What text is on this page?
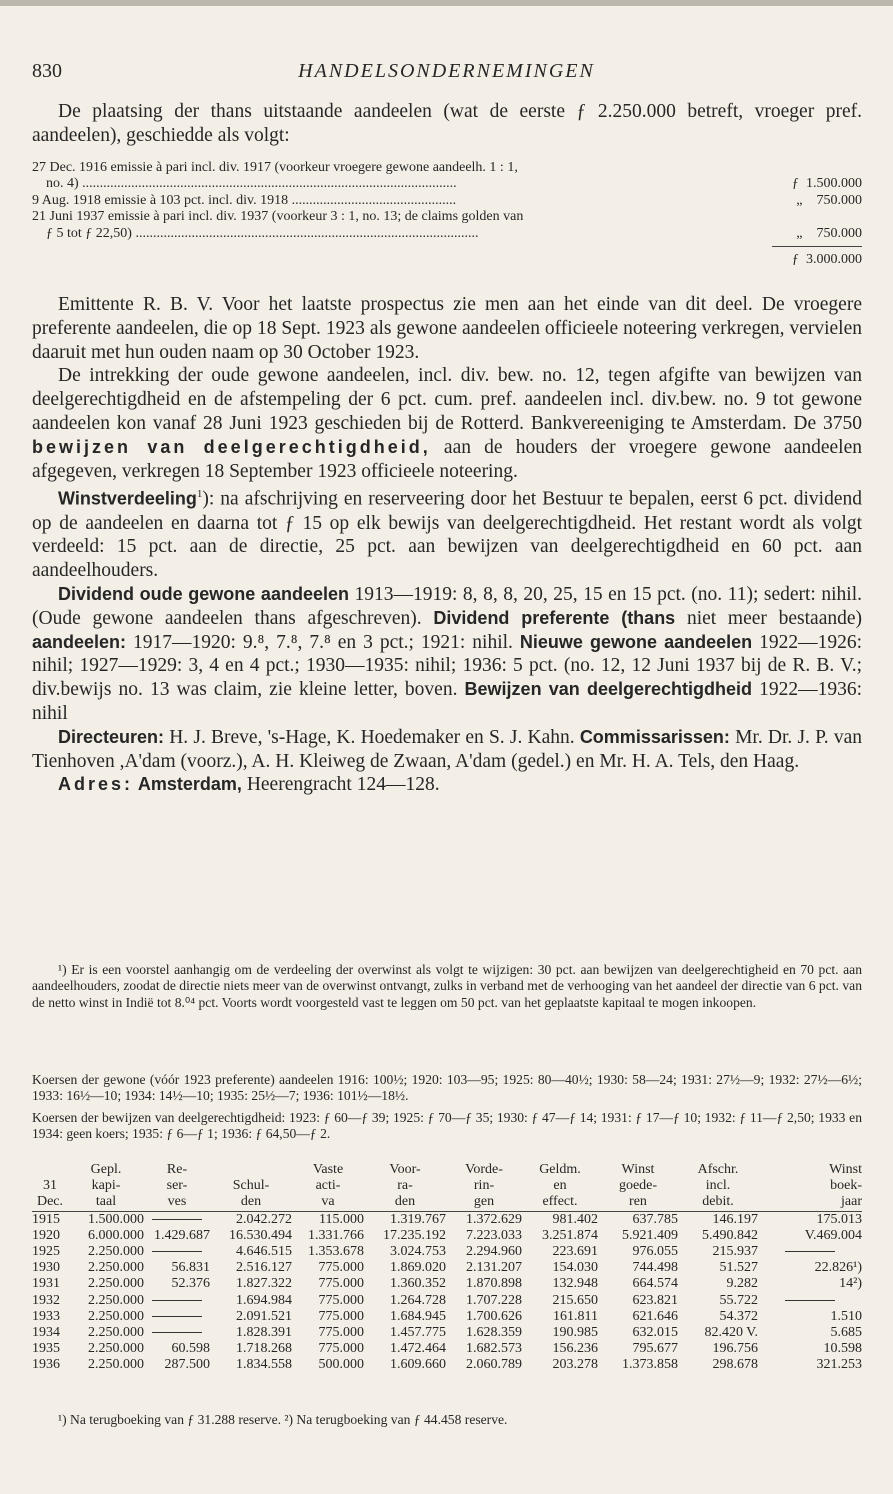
830	HANDELSONDERNEMINGEN

De plaatsing der thans uitstaande aandeelen (wat de eerste ƒ 2.250.000 betreft, vroeger pref. aandeelen), geschiedde als volgt:

27 Dec. 1916 emissie à pari incl. div. 1917 (voorkeur vroegere gewone aandeelh. 1 : 1,
no. 4) ...........................................................................................................	ƒ 1.500.000
9 Aug. 1918 emissie à 103 pct. incl. div. 1918 ...............................................	„ 750.000
21 Juni 1937 emissie à pari incl. div. 1937 (voorkeur 3 : 1, no. 13; de claims golden van
ƒ 5 tot ƒ 22,50) ..................................................................................................	„ 750.000
ƒ 3.000.000

Emittente R. B. V. Voor het laatste prospectus zie men aan het einde van dit deel. De vroegere preferente aandeelen, die op 18 Sept. 1923 als gewone aandeelen officieele noteering verkregen, vervielen daaruit met hun ouden naam op 30 October 1923.

De intrekking der oude gewone aandeelen, incl. div. bew. no. 12, tegen afgifte van bewijzen van deelgerechtigdheid en de afstempeling der 6 pct. cum. pref. aandeelen incl. div.bew. no. 9 tot gewone aandeelen kon vanaf 28 Juni 1923 geschieden bij de Rotterd. Bankvereeniging te Amsterdam. De 3750 bewijzen van deelgerechtigdheid, aan de houders der vroegere gewone aandeelen afgegeven, verkregen 18 September 1923 officieele noteering.

Winstverdeeling$^1$): na afschrijving en reserveering door het Bestuur te bepalen, eerst 6 pct. dividend op de aandeelen en daarna tot ƒ 15 op elk bewijs van deelgerechtigdheid. Het restant wordt als volgt verdeeld: 15 pct. aan de directie, 25 pct. aan bewijzen van deelgerechtigdheid en 60 pct. aan aandeelhouders.

Dividend oude gewone aandeelen 1913—1919: 8, 8, 8, 20, 25, 15 en 15 pct. (no. 11); sedert: nihil. (Oude gewone aandeelen thans afgeschreven). Dividend preferente (thans niet meer bestaande) aandeelen: 1917—1920: 9.⁸, 7.⁸, 7.⁸ en 3 pct.; 1921: nihil. Nieuwe gewone aandeelen 1922—1926: nihil; 1927—1929: 3, 4 en 4 pct.; 1930—1935: nihil; 1936: 5 pct. (no. 12, 12 Juni 1937 bij de R. B. V.; div.bewijs no. 13 was claim, zie kleine letter, boven. Bewijzen van deelgerechtigdheid 1922—1936: nihil

Directeuren: H. J. Breve, 's-Hage, K. Hoedemaker en S. J. Kahn. Commissarissen: Mr. Dr. J. P. van Tienhoven ,A'dam (voorz.), A. H. Kleiweg de Zwaan, A'dam (gedel.) en Mr. H. A. Tels, den Haag.

Adres: Amsterdam, Heerengracht 124—128.

¹) Er is een voorstel aanhangig om de verdeeling der overwinst als volgt te wijzigen: 30 pct. aan bewijzen van deelgerechtigheid en 70 pct. aan aandeelhouders, zoodat de directie niets meer van de overwinst ontvangt, zulks in verband met de verhooging van het aandeel der directie van 6 pct. van de netto winst in Indië tot 8.⁰⁴ pct. Voorts wordt voorgesteld vast te leggen om 50 pct. van het geplaatste kapitaal te mogen inkoopen.

Koersen der gewone (vóór 1923 preferente) aandeelen 1916: 100½; 1920: 103—95; 1925: 80—40½; 1930: 58—24; 1931: 27½—9; 1932: 27½—6½; 1933: 16½—10; 1934: 14½—10; 1935: 25½—7; 1936: 101½—18½.

Koersen der bewijzen van deelgerechtigdheid: 1923: ƒ 60—ƒ 39; 1925: ƒ 70—ƒ 35; 1930: ƒ 47—ƒ 14; 1931: ƒ 17—ƒ 10; 1932: ƒ 11—ƒ 2,50; 1933 en 1934: geen koers; 1935: ƒ 6—ƒ 1; 1936: ƒ 64,50—ƒ 2.

	Gepl.	Re-		Vaste	Voor-	Vorde-	Geldm.	Winst	Afschr.	Winst
31	kapi-	ser-	Schul-	acti-	ra-	rin-	en	goede-	incl.	boek-
Dec.	taal	ves	den	va	den	gen	effect.	ren	debit.	jaar
1915	1.500.000		2.042.272	115.000	1.319.767	1.372.629	981.402	637.785	146.197	175.013
1920	6.000.000	1.429.687	16.530.494	1.331.766	17.235.192	7.223.033	3.251.874	5.921.409	5.490.842	V.469.004
1925	2.250.000		4.646.515	1.353.678	3.024.753	2.294.960	223.691	976.055	215.937	
1930	2.250.000	56.831	2.516.127	775.000	1.869.020	2.131.207	154.030	744.498	51.527	22.826¹)
1931	2.250.000	52.376	1.827.322	775.000	1.360.352	1.870.898	132.948	664.574	9.282	14²)
1932	2.250.000		1.694.984	775.000	1.264.728	1.707.228	215.650	623.821	55.722	
1933	2.250.000		2.091.521	775.000	1.684.945	1.700.626	161.811	621.646	54.372	1.510
1934	2.250.000		1.828.391	775.000	1.457.775	1.628.359	190.985	632.015	82.420 V.	5.685
1935	2.250.000	60.598	1.718.268	775.000	1.472.464	1.682.573	156.236	795.677	196.756	10.598
1936	2.250.000	287.500	1.834.558	500.000	1.609.660	2.060.789	203.278	1.373.858	298.678	321.253

¹) Na terugboeking van ƒ 31.288 reserve. ²) Na terugboeking van ƒ 44.458 reserve.
